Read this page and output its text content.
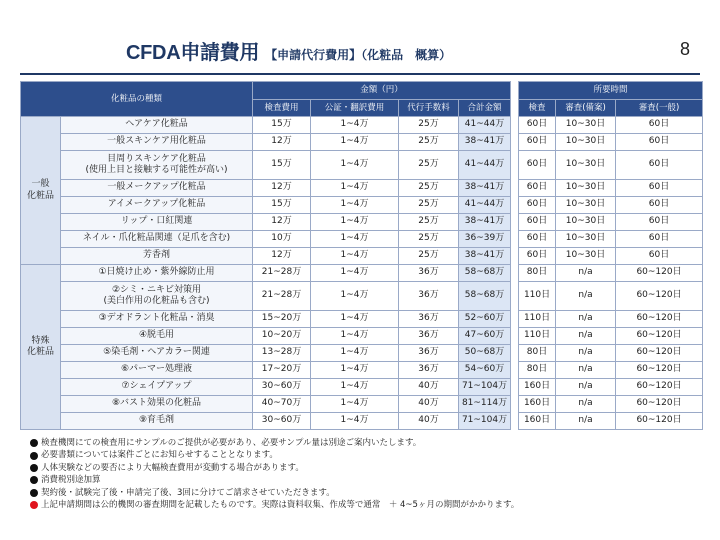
CFDA申請費用 【申請代行費用】（化粧品　概算）	8
化粧品の種類		金額（円）					所要時間		
		検査費用	公証・翻訳費用	代行手数料	合計金額		検査	審査(備案)	審査(一般)
一般
化粧品	ヘアケア化粧品	15万	1~4万	25万	41~44万		60日	10~30日	60日
	一般スキンケア用化粧品	12万	1~4万	25万	38~41万		60日	10~30日	60日
	目周りスキンケア化粧品
(使用上目と接触する可能性が高い)	15万	1~4万	25万	41~44万		60日	10~30日	60日
	一般メークアップ化粧品	12万	1~4万	25万	38~41万		60日	10~30日	60日
	アイメークアップ化粧品	15万	1~4万	25万	41~44万		60日	10~30日	60日
	リップ・口紅関連	12万	1~4万	25万	38~41万		60日	10~30日	60日
	ネイル・爪化粧品関連（足爪を含む)	10万	1~4万	25万	36~39万		60日	10~30日	60日
	芳香剤	12万	1~4万	25万	38~41万		60日	10~30日	60日
特殊
化粧品	①日焼け止め・紫外線防止用	21~28万	1~4万	36万	58~68万		80日	n/a	60~120日
	②シミ・ニキビ対策用
(美白作用の化粧品も含む)	21~28万	1~4万	36万	58~68万		110日	n/a	60~120日
	③デオドラント化粧品・消臭	15~20万	1~4万	36万	52~60万		110日	n/a	60~120日
	④脱毛用	10~20万	1~4万	36万	47~60万		110日	n/a	60~120日
	⑤染毛剤・ヘアカラー関連	13~28万	1~4万	36万	50~68万		80日	n/a	60~120日
	⑥パーマー処理液	17~20万	1~4万	36万	54~60万		80日	n/a	60~120日
	⑦シェイプアップ	30~60万	1~4万	40万	71~104万		160日	n/a	60~120日
	⑧バスト効果の化粧品	40~70万	1~4万	40万	81~114万		160日	n/a	60~120日
	⑨育毛剤	30~60万	1~4万	40万	71~104万		160日	n/a	60~120日
検査機関にての検査用にサンプルのご提供が必要があり、必要サンプル量は別途ご案内いたします。
必要書類については案件ごとにお知らせすることとなります。
人体実験などの要否により大幅検査費用が変動する場合があります。
消費税別途加算
契約後・試験完了後・申請完了後、3回に分けてご請求させていただきます。
上記申請期間は公的機関の審査期間を記載したものです。実際は資料収集、作成等で通常　＋ 4~5ヶ月の期間がかかります。
